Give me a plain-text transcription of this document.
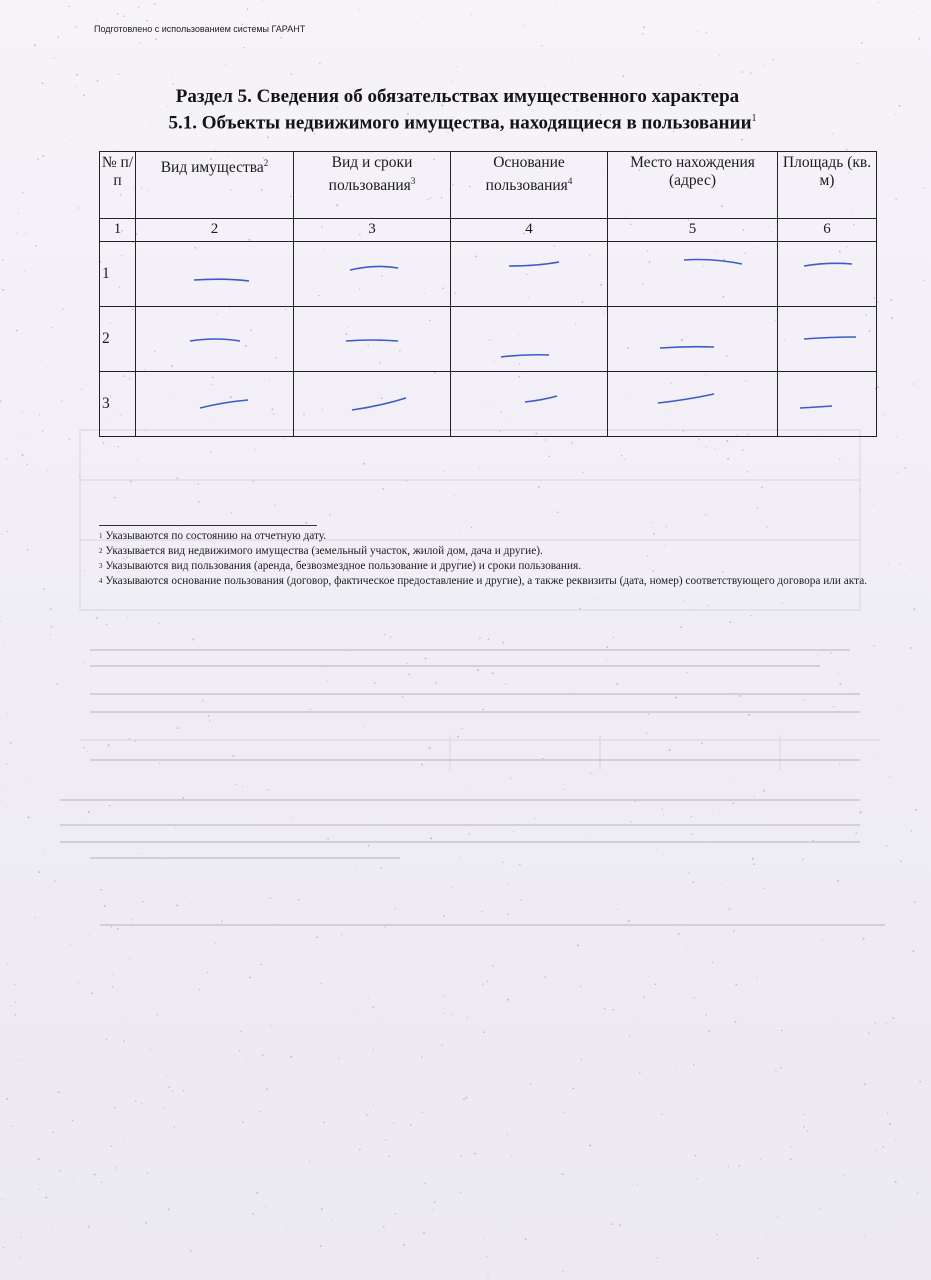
Подготовлено с использованием системы ГАРАНТ
Раздел 5. Сведения об обязательствах имущественного характера
5.1. Объекты недвижимого имущества, находящиеся в пользовании$^1$
№ п/п	Вид имущества$^2$	Вид и сроки пользования$^3$	Основание пользования$^4$	Место нахождения (адрес)	Площадь (кв. м)
1	2	3	4	5	6
1	

2	

3	

$^1$ Указываются по состоянию на отчетную дату.

$^2$ Указывается вид недвижимого имущества (земельный участок, жилой дом, дача и другие).

$^3$ Указываются вид пользования (аренда, безвозмездное пользование и другие) и сроки пользования.

$^4$ Указываются основание пользования (договор, фактическое предоставление и другие), а также реквизиты (дата, номер) соответствующего договора или акта.
